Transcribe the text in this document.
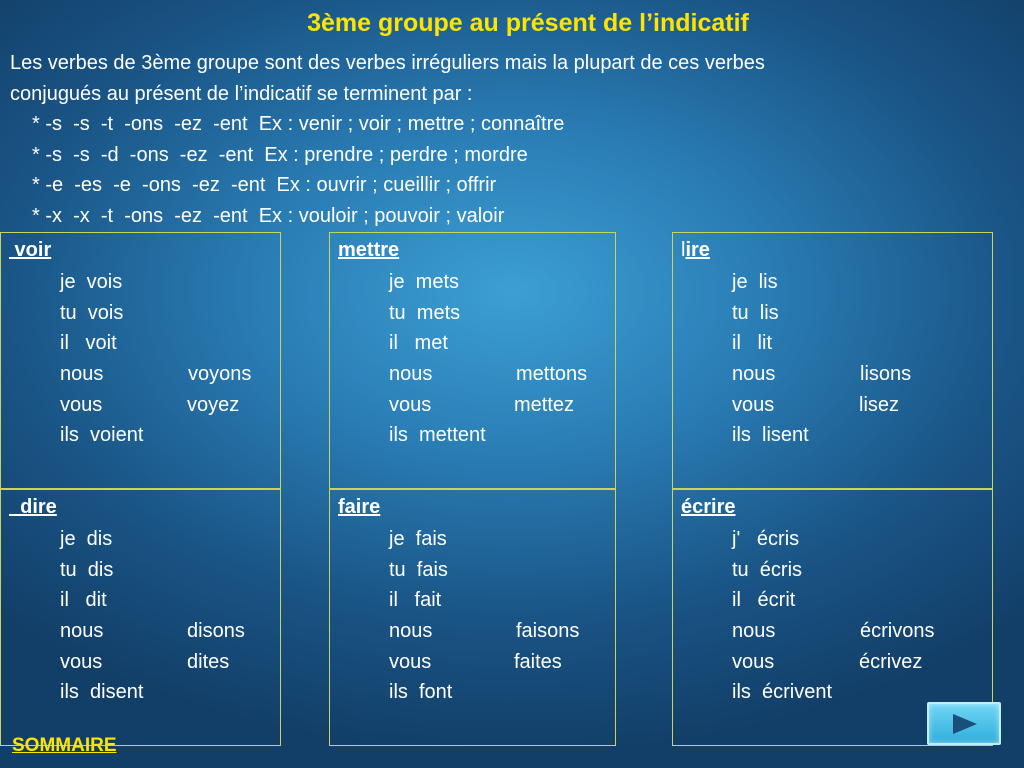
3ème groupe au présent de l’indicatif
Les verbes de 3ème groupe sont des verbes irréguliers mais la plupart de ces verbes
conjugués au présent de l’indicatif se terminent par :
* -s  -s  -t  -ons  -ez  -ent  Ex : venir ; voir ; mettre ; connaître
* -s  -s  -d  -ons  -ez  -ent  Ex : prendre ; perdre ; mordre
* -e  -es  -e  -ons  -ez  -ent  Ex : ouvrir ; cueillir ; offrir
* -x  -x  -t  -ons  -ez  -ent  Ex : vouloir ; pouvoir ; valoir
voir
je  vois
tu  vois
il   voit
nous	voyons
vous	voyez
ils  voient
mettre
je  mets
tu  mets
il   met
nous	mettons
vous	mettez
ils  mettent
lire
je  lis
tu  lis
il   lit
nous	lisons
vous	lisez
ils  lisent
dire
je  dis
tu  dis
il   dit
nous	disons
vous	dites
ils  disent
faire
je  fais
tu  fais
il   fait
nous	faisons
vous	faites
ils  font
écrire
j'   écris
tu  écris
il   écrit
nous	écrivons
vous	écrivez
ils  écrivent
SOMMAIRE
